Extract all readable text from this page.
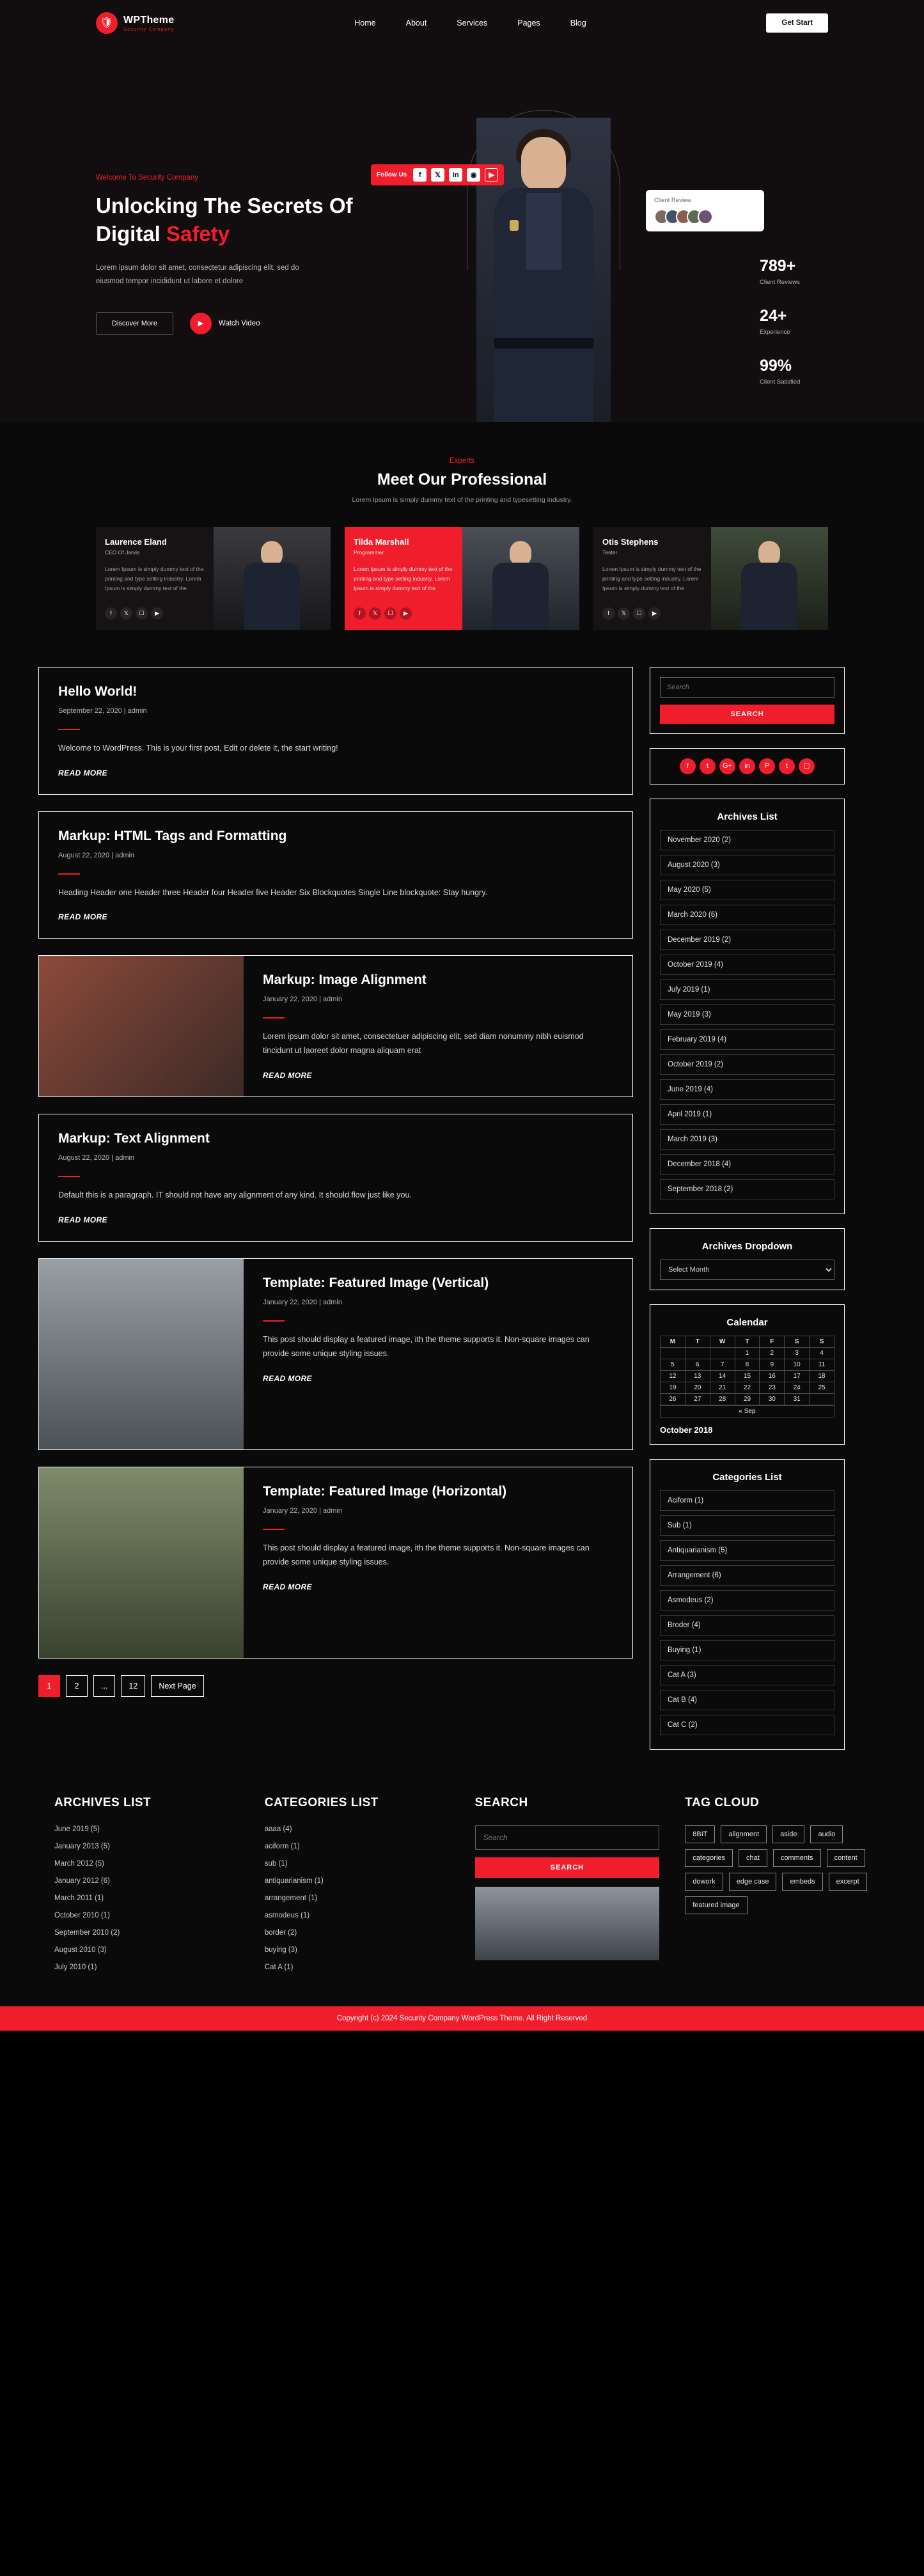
🛡 WPTheme
Security Company
Home	About	Services	Pages	Blog	Get Start
Welcome To Security Company
Unlocking The Secrets Of
Digital Safety
Lorem ipsum dolor sit amet, consectetur adipiscing elit, sed do eiusmod tempor incididunt ut labore et dolore
Discover More	▶	Watch Video
Follow Us	f	𝕏	in	◉	▶
Client Review
789+
Client Reviews
24+
Experience
99%
Client Satisfied
Experts
Meet Our Professional
Lorem Ipsum is simply dummy text of the printing and typesetting industry.
Laurence Eland
CEO Of Jarvis
Lorem Ipsum is simply dummy text of the printing and type setting industry. Lorem Ipsum is simply dummy text of the
f	𝕏	☐	▶
Tilda Marshall
Programmer
Lorem Ipsum is simply dummy text of the printing and type setting industry. Lorem Ipsum is simply dummy text of the
f	𝕏	☐	▶
Otis Stephens
Tester
Lorem Ipsum is simply dummy text of the printing and type setting industry. Lorem Ipsum is simply dummy text of the
f	𝕏	☐	▶
Hello World!
September 22, 2020 | admin
Welcome to WordPress. This is your first post, Edit or delete it, the start writing!
READ MORE
Markup: HTML Tags and Formatting
August 22, 2020 | admin
Heading Header one Header three Header four Header five Header Six Blockquotes Single Line blockquote: Stay hungry.
READ MORE
Markup: Image Alignment
January 22, 2020 | admin
Lorem ipsum dolor sit amet, consectetuer adipiscing elit, sed diam nonummy nibh euismod tincidunt ut laoreet dolor magna aliquam erat
READ MORE
Markup: Text Alignment
August 22, 2020 | admin
Default this is a paragraph. IT should not have any alignment of any kind. It should flow just like you.
READ MORE
Template: Featured Image (Vertical)
January 22, 2020 | admin
This post should display a featured image, ith the theme supports it. Non-square images can provide some unique styling issues.
READ MORE
Template: Featured Image (Horizontal)
January 22, 2020 | admin
This post should display a featured image, ith the theme supports it. Non-square images can provide some unique styling issues.
READ MORE
1	2	...	12	Next Page
Search
SEARCH
f	t	G+	in	P	t	☐
Archives List
November 2020 (2)
August 2020 (3)
May 2020 (5)
March 2020 (6)
December 2019 (2)
October 2019 (4)
July 2019 (1)
May 2019 (3)
February 2019 (4)
October 2019 (2)
June 2019 (4)
April 2019 (1)
March 2019 (3)
December 2018 (4)
September 2018 (2)
Archives Dropdown
Select Month
Calendar
M	T	W	T	F	S	S
			1	2	3	4
5	6	7	8	9	10	11
12	13	14	15	16	17	18
19	20	21	22	23	24	25
26	27	28	29	30	31	
« Sep
October 2018
Categories List
Aciform (1)
Sub (1)
Antiquarianism (5)
Arrangement (6)
Asmodeus (2)
Broder (4)
Buying (1)
Cat A (3)
Cat B (4)
Cat C (2)
ARCHIVES LIST
June 2019 (5)
January 2013 (5)
March 2012 (5)
January 2012 (6)
March 2011 (1)
October 2010 (1)
September 2010 (2)
August 2010 (3)
July 2010 (1)
CATEGORIES LIST
aaaa (4)
aciform (1)
sub (1)
antiquarianism (1)
arrangement (1)
asmodeus (1)
border (2)
buying (3)
Cat A (1)
SEARCH
Search SEARCH
TAG CLOUD
8BIT	alignment	aside	audio
categories	chat	comments	content
dowork	edge case	embeds	excerpt
featured image
Copyright (c) 2024 Security Company WordPress Theme. All Right Reserved
